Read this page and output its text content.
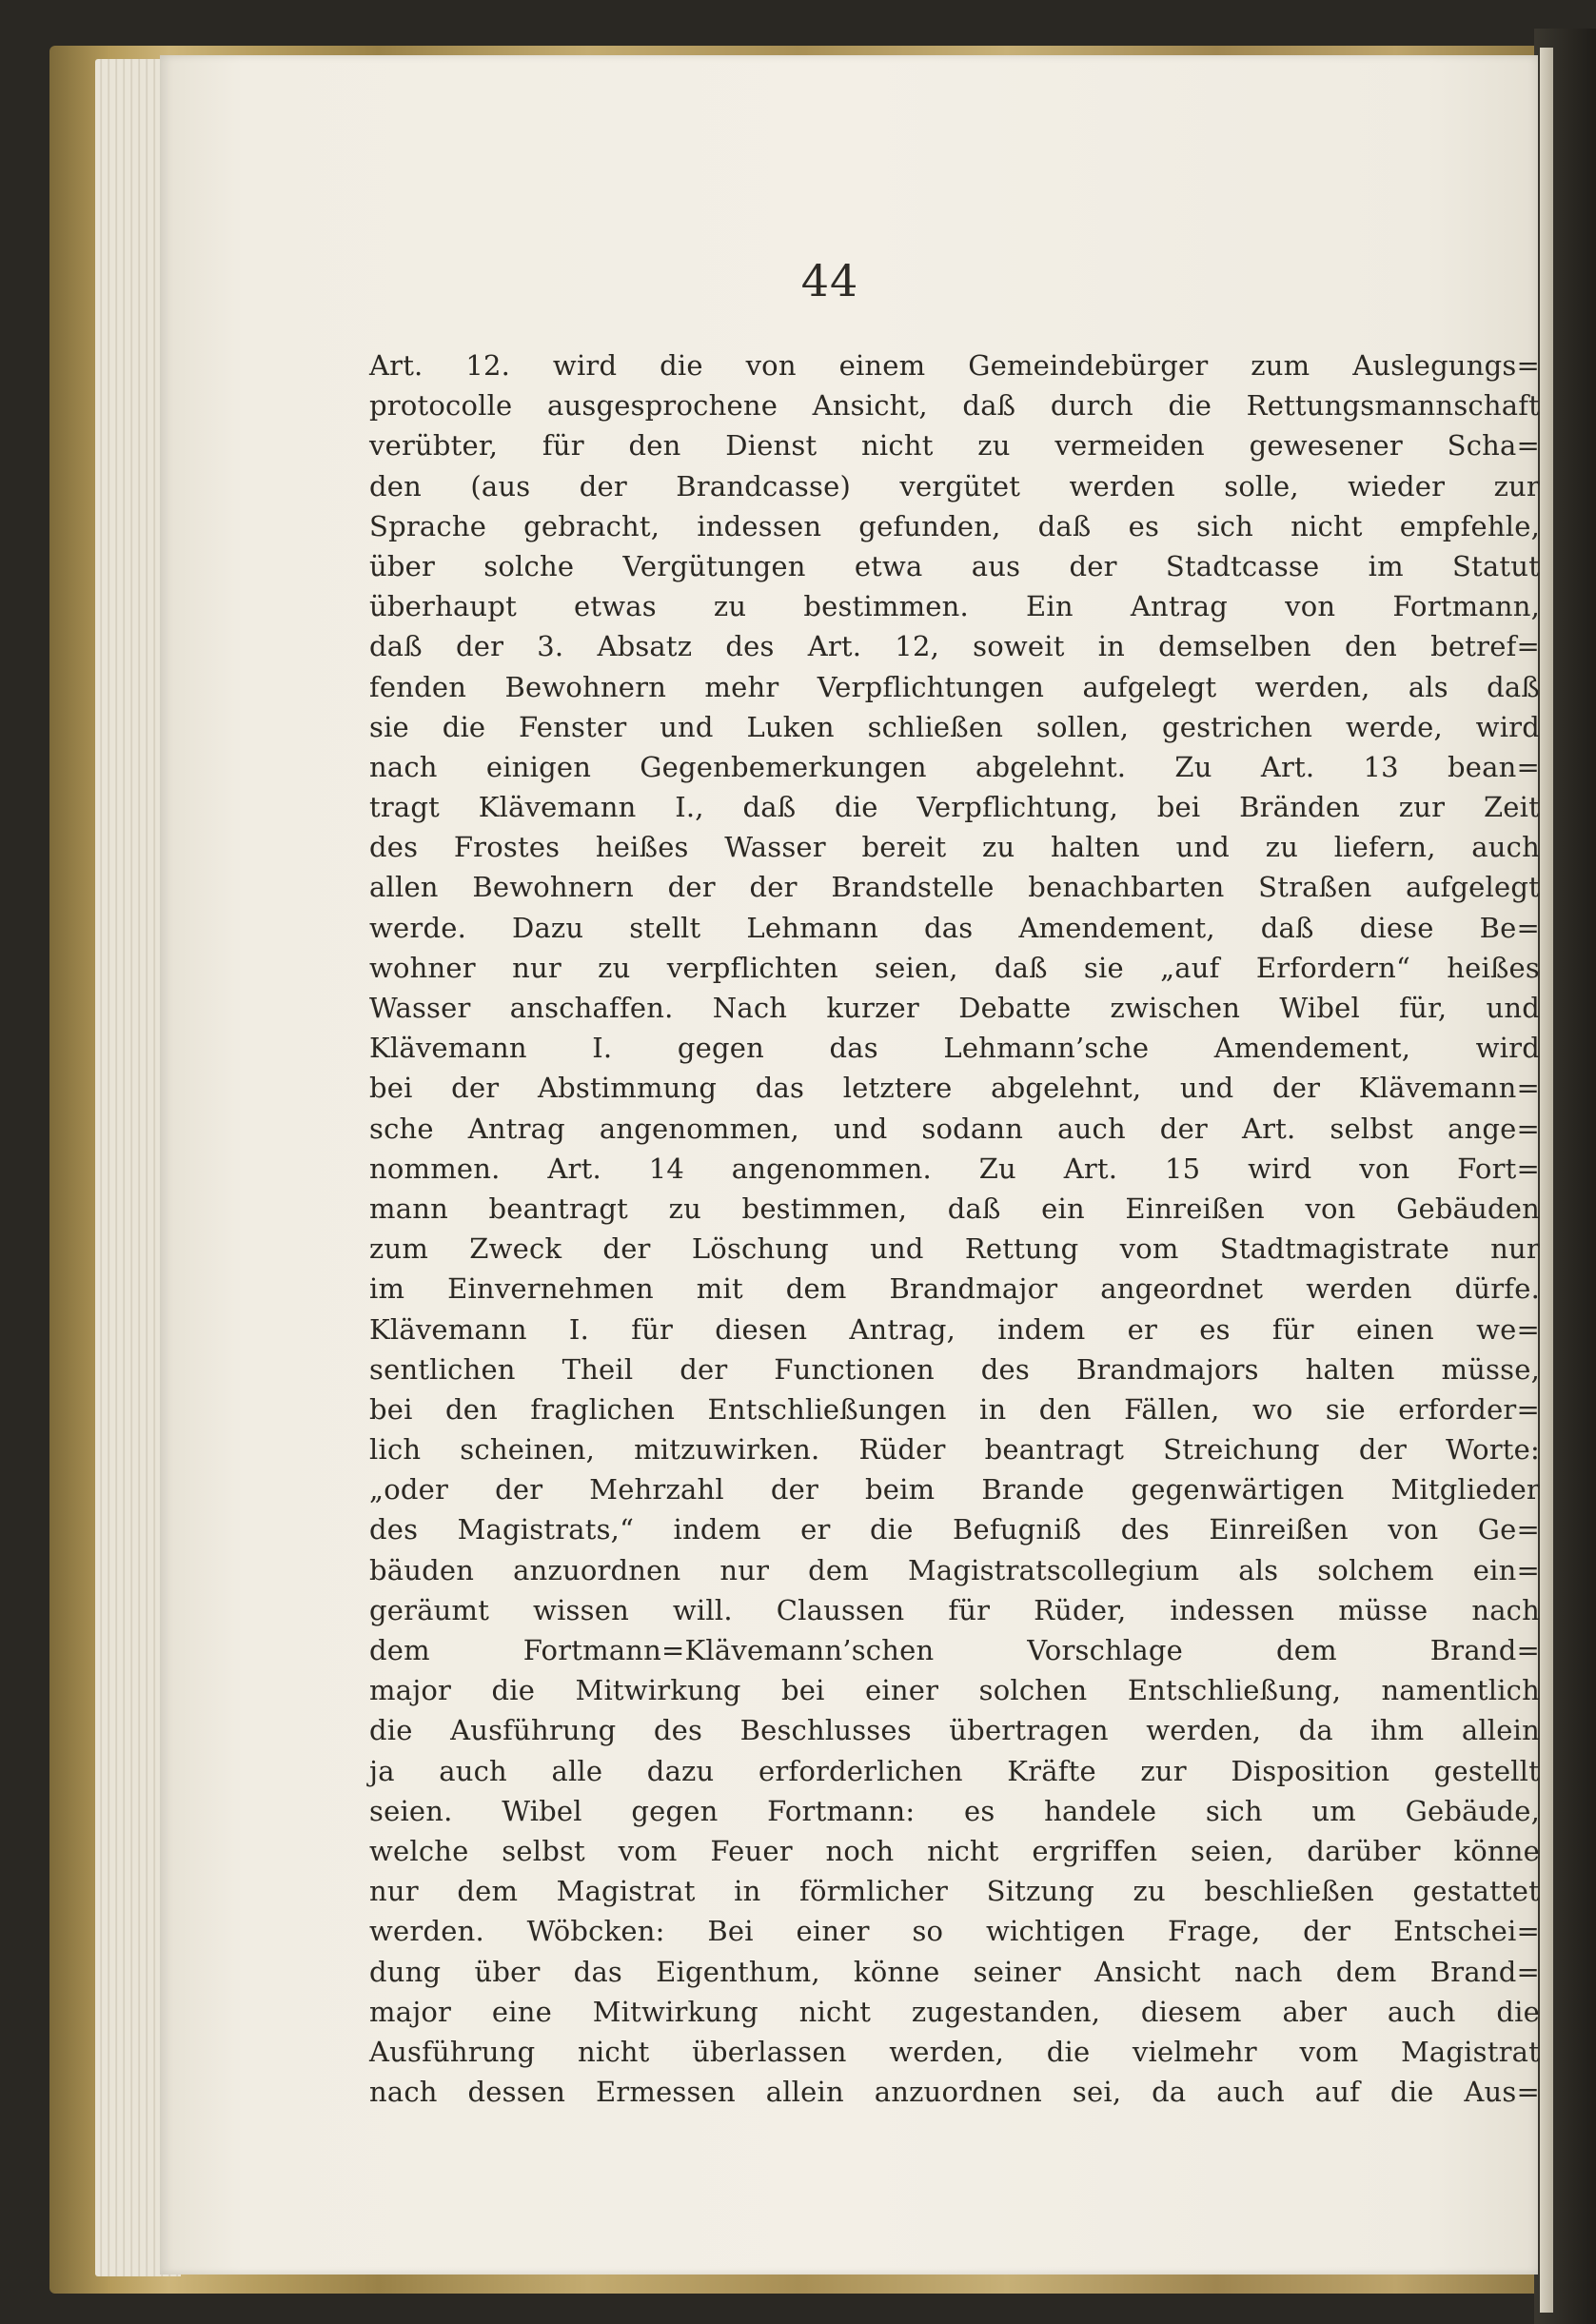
44
Art. 12. wird die von einem Gemeindebürger zum Auslegungs=
protocolle ausgesprochene Ansicht, daß durch die Rettungsmannschaft
verübter, für den Dienst nicht zu vermeiden gewesener Scha=
den (aus der Brandcasse) vergütet werden solle, wieder zur
Sprache gebracht, indessen gefunden, daß es sich nicht empfehle,
über solche Vergütungen etwa aus der Stadtcasse im Statut
überhaupt etwas zu bestimmen. Ein Antrag von Fortmann,
daß der 3. Absatz des Art. 12, soweit in demselben den betref=
fenden Bewohnern mehr Verpflichtungen aufgelegt werden, als daß
sie die Fenster und Luken schließen sollen, gestrichen werde, wird
nach einigen Gegenbemerkungen abgelehnt. Zu Art. 13 bean=
tragt Klävemann I., daß die Verpflichtung, bei Bränden zur Zeit
des Frostes heißes Wasser bereit zu halten und zu liefern, auch
allen Bewohnern der der Brandstelle benachbarten Straßen aufgelegt
werde. Dazu stellt Lehmann das Amendement, daß diese Be=
wohner nur zu verpflichten seien, daß sie „auf Erfordern“ heißes
Wasser anschaffen. Nach kurzer Debatte zwischen Wibel für, und
Klävemann I. gegen das Lehmann’sche Amendement, wird
bei der Abstimmung das letztere abgelehnt, und der Klävemann=
sche Antrag angenommen, und sodann auch der Art. selbst ange=
nommen. Art. 14 angenommen. Zu Art. 15 wird von Fort=
mann beantragt zu bestimmen, daß ein Einreißen von Gebäuden
zum Zweck der Löschung und Rettung vom Stadtmagistrate nur
im Einvernehmen mit dem Brandmajor angeordnet werden dürfe.
Klävemann I. für diesen Antrag, indem er es für einen we=
sentlichen Theil der Functionen des Brandmajors halten müsse,
bei den fraglichen Entschließungen in den Fällen, wo sie erforder=
lich scheinen, mitzuwirken. Rüder beantragt Streichung der Worte:
„oder der Mehrzahl der beim Brande gegenwärtigen Mitglieder
des Magistrats,“ indem er die Befugniß des Einreißen von Ge=
bäuden anzuordnen nur dem Magistratscollegium als solchem ein=
geräumt wissen will. Claussen für Rüder, indessen müsse nach
dem Fortmann=Klävemann’schen Vorschlage dem Brand=
major die Mitwirkung bei einer solchen Entschließung, namentlich
die Ausführung des Beschlusses übertragen werden, da ihm allein
ja auch alle dazu erforderlichen Kräfte zur Disposition gestellt
seien. Wibel gegen Fortmann: es handele sich um Gebäude,
welche selbst vom Feuer noch nicht ergriffen seien, darüber könne
nur dem Magistrat in förmlicher Sitzung zu beschließen gestattet
werden. Wöbcken: Bei einer so wichtigen Frage, der Entschei=
dung über das Eigenthum, könne seiner Ansicht nach dem Brand=
major eine Mitwirkung nicht zugestanden, diesem aber auch die
Ausführung nicht überlassen werden, die vielmehr vom Magistrat
nach dessen Ermessen allein anzuordnen sei, da auch auf die Aus=
